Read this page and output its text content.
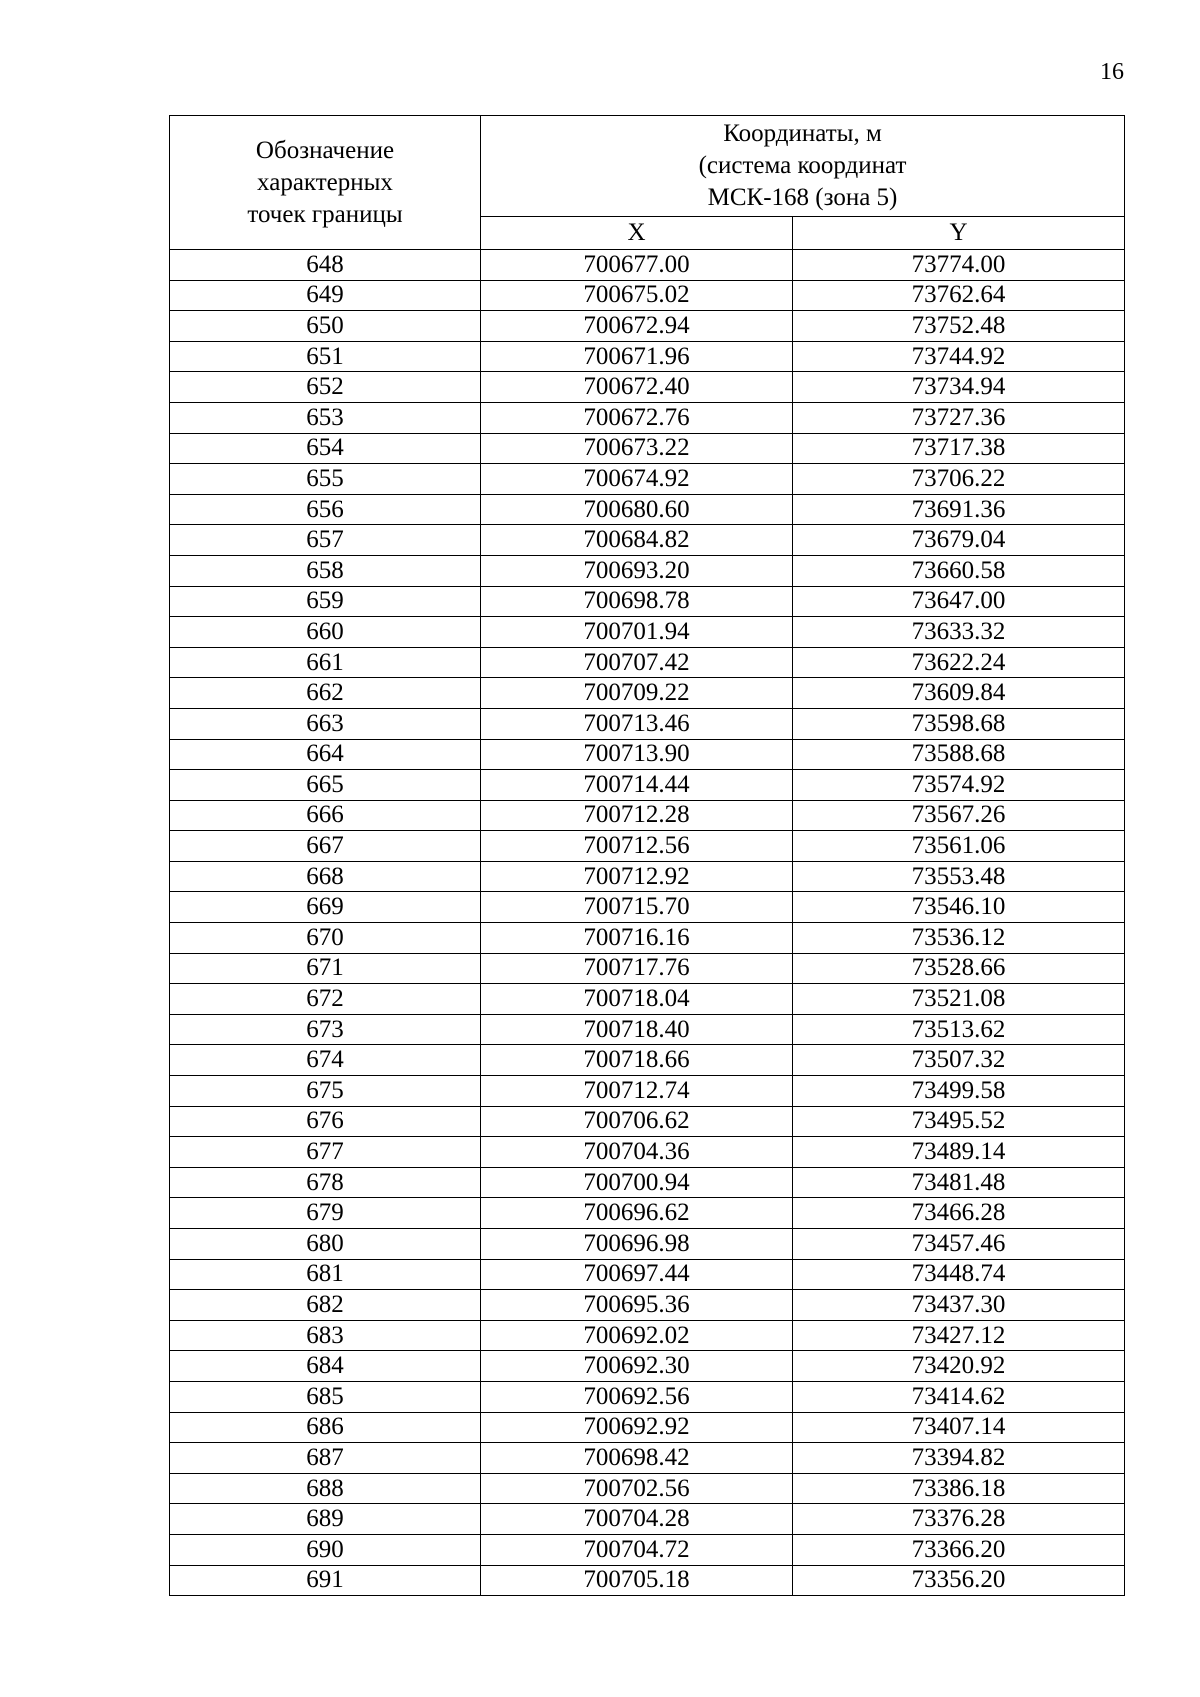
16
Обозначение
характерных
точек границы	Координаты, м
(система координат
МСК-168 (зона 5)	

	X	Y
648	700677.00	73774.00
649	700675.02	73762.64
650	700672.94	73752.48
651	700671.96	73744.92
652	700672.40	73734.94
653	700672.76	73727.36
654	700673.22	73717.38
655	700674.92	73706.22
656	700680.60	73691.36
657	700684.82	73679.04
658	700693.20	73660.58
659	700698.78	73647.00
660	700701.94	73633.32
661	700707.42	73622.24
662	700709.22	73609.84
663	700713.46	73598.68
664	700713.90	73588.68
665	700714.44	73574.92
666	700712.28	73567.26
667	700712.56	73561.06
668	700712.92	73553.48
669	700715.70	73546.10
670	700716.16	73536.12
671	700717.76	73528.66
672	700718.04	73521.08
673	700718.40	73513.62
674	700718.66	73507.32
675	700712.74	73499.58
676	700706.62	73495.52
677	700704.36	73489.14
678	700700.94	73481.48
679	700696.62	73466.28
680	700696.98	73457.46
681	700697.44	73448.74
682	700695.36	73437.30
683	700692.02	73427.12
684	700692.30	73420.92
685	700692.56	73414.62
686	700692.92	73407.14
687	700698.42	73394.82
688	700702.56	73386.18
689	700704.28	73376.28
690	700704.72	73366.20
691	700705.18	73356.20
